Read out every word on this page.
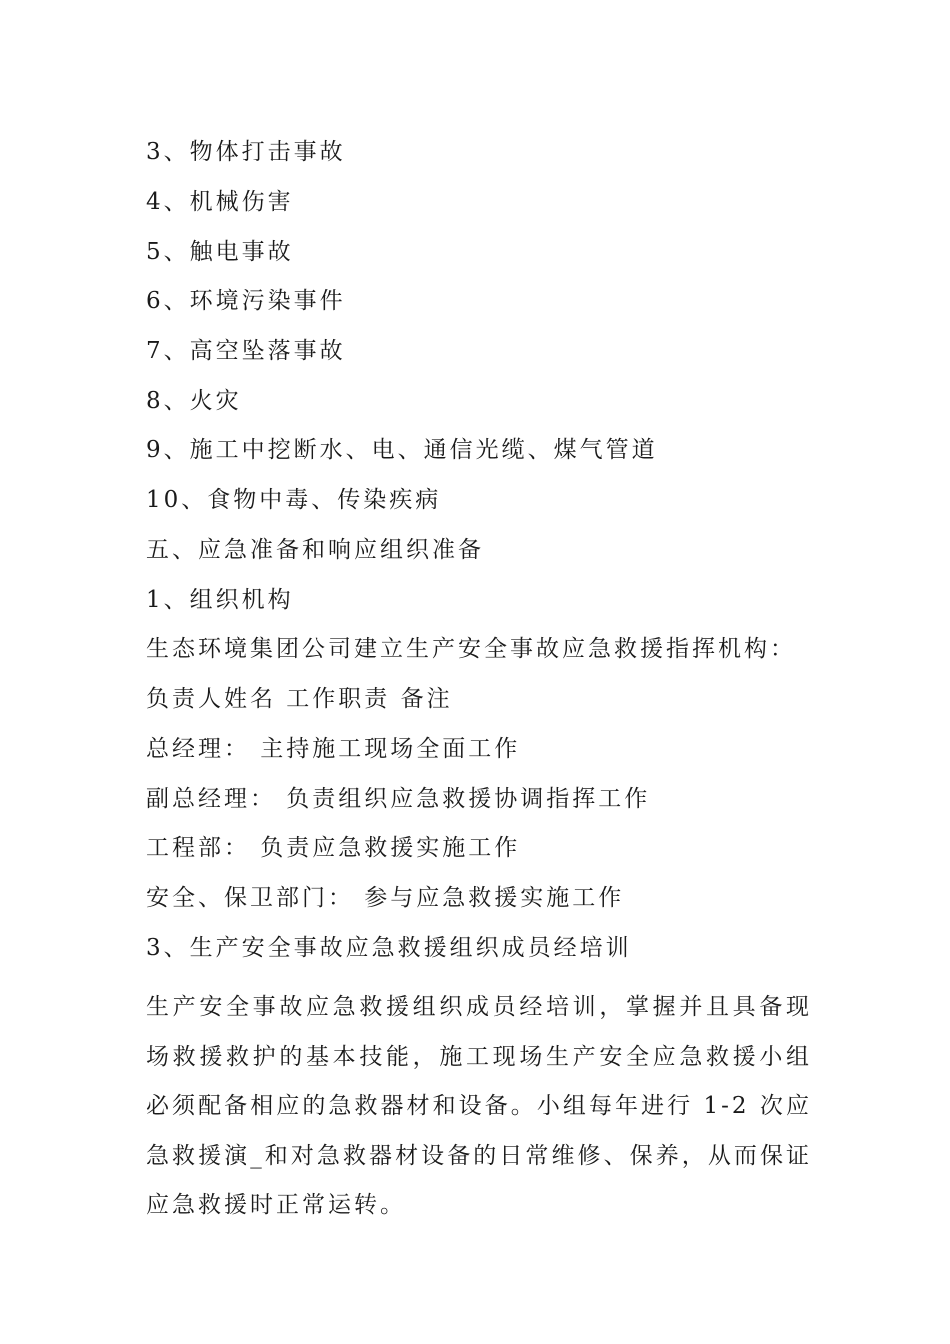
3、物体打击事故
4、机械伤害
5、触电事故
6、环境污染事件
7、高空坠落事故
8、火灾
9、施工中挖断水、电、通信光缆、煤气管道
10、食物中毒、传染疾病
五、应急准备和响应组织准备
1、组织机构
生态环境集团公司建立生产安全事故应急救援指挥机构：
负责人姓名 工作职责 备注
总经理： 主持施工现场全面工作
副总经理： 负责组织应急救援协调指挥工作
工程部： 负责应急救援实施工作
安全、保卫部门： 参与应急救援实施工作
3、生产安全事故应急救援组织成员经培训
生产安全事故应急救援组织成员经培训，掌握并且具备现场救援救护的基本技能，施工现场生产安全应急救援小组必须配备相应的急救器材和设备。小组每年进行 1-2 次应急救援演_和对急救器材设备的日常维修、保养，从而保证应急救援时正常运转。
